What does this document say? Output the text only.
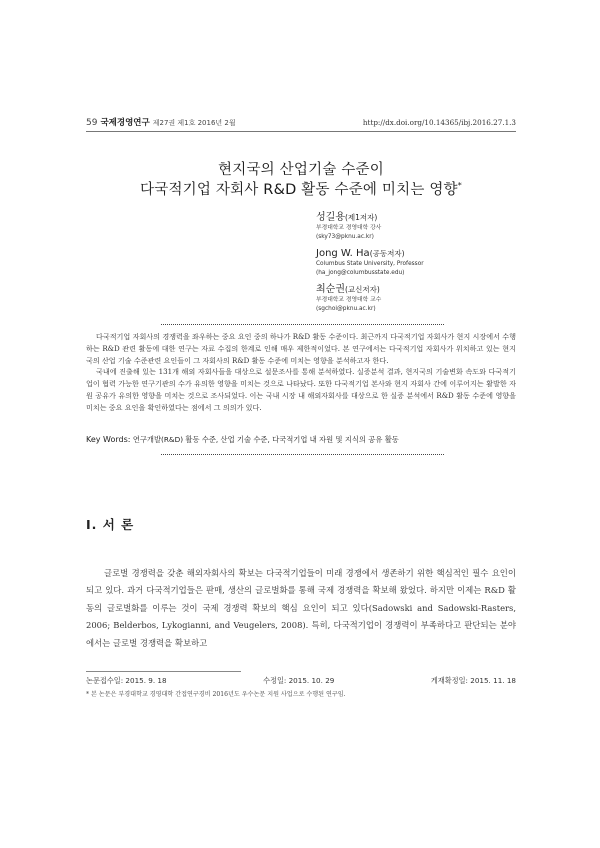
59 국제경영연구 제27권 제1호 2016년 2월	http://dx.doi.org/10.14365/ibj.2016.27.1.3
현지국의 산업기술 수준이
다국적기업 자회사 R&D 활동 수준에 미치는 영향*
성길용(제1저자)
부경대학교 경영대학 강사
(sky73@pknu.ac.kr)
Jong W. Ha(공동저자)
Columbus State University, Professor
(ha_jong@columbusstate.edu)
최순권(교신저자)
부경대학교 경영대학 교수
(sgchoi@pknu.ac.kr)

다국적기업 자회사의 경쟁력을 좌우하는 중요 요인 중의 하나가 R&D 활동 수준이다. 최근까지 다국적기업 자회사가 현지 시장에서 수행하는 R&D 관련 활동에 대한 연구는 자료 수집의 한계로 인해 매우 제한적이었다. 본 연구에서는 다국적기업 자회사가 위치하고 있는 현지국의 산업 기술 수준관련 요인들이 그 자회사의 R&D 활동 수준에 미치는 영향을 분석하고자 한다.

국내에 진출해 있는 131개 해외 자회사들을 대상으로 설문조사를 통해 분석하였다. 실증분석 결과, 현지국의 기술변화 속도와 다국적기업이 협력 가능한 연구기관의 수가 유의한 영향을 미치는 것으로 나타났다. 또한 다국적기업 본사와 현지 자회사 간에 이루어지는 활발한 자원 공유가 유의한 영향을 미치는 것으로 조사되었다. 이는 국내 시장 내 해외자회사를 대상으로 한 실증 분석에서 R&D 활동 수준에 영향을 미치는 중요 요인을 확인하였다는 점에서 그 의의가 있다.

Key Words: 연구개발(R&D) 활동 수준, 산업 기술 수준, 다국적기업 내 자원 및 지식의 공유 활동
Ⅰ. 서 론

글로벌 경쟁력을 갖춘 해외자회사의 확보는 다국적기업들이 미래 경쟁에서 생존하기 위한 핵심적인 필수 요인이 되고 있다. 과거 다국적기업들은 판매, 생산의 글로벌화를 통해 국제 경쟁력을 확보해 왔었다. 하지만 이제는 R&D 활동의 글로벌화를 이루는 것이 국제 경쟁력 확보의 핵심 요인이 되고 있다(Sadowski and Sadowski-Rasters, 2006; Belderbos, Lykogianni, and Veugelers, 2008). 특히, 다국적기업이 경쟁력이 부족하다고 판단되는 분야에서는 글로벌 경쟁력을 확보하고

논문접수일: 2015. 9. 18	수정일: 2015. 10. 29	게재확정일: 2015. 11. 18
* 본 논문은 부경대학교 경영대학 간접연구경비 2016년도 우수논문 지원 사업으로 수행된 연구임.
